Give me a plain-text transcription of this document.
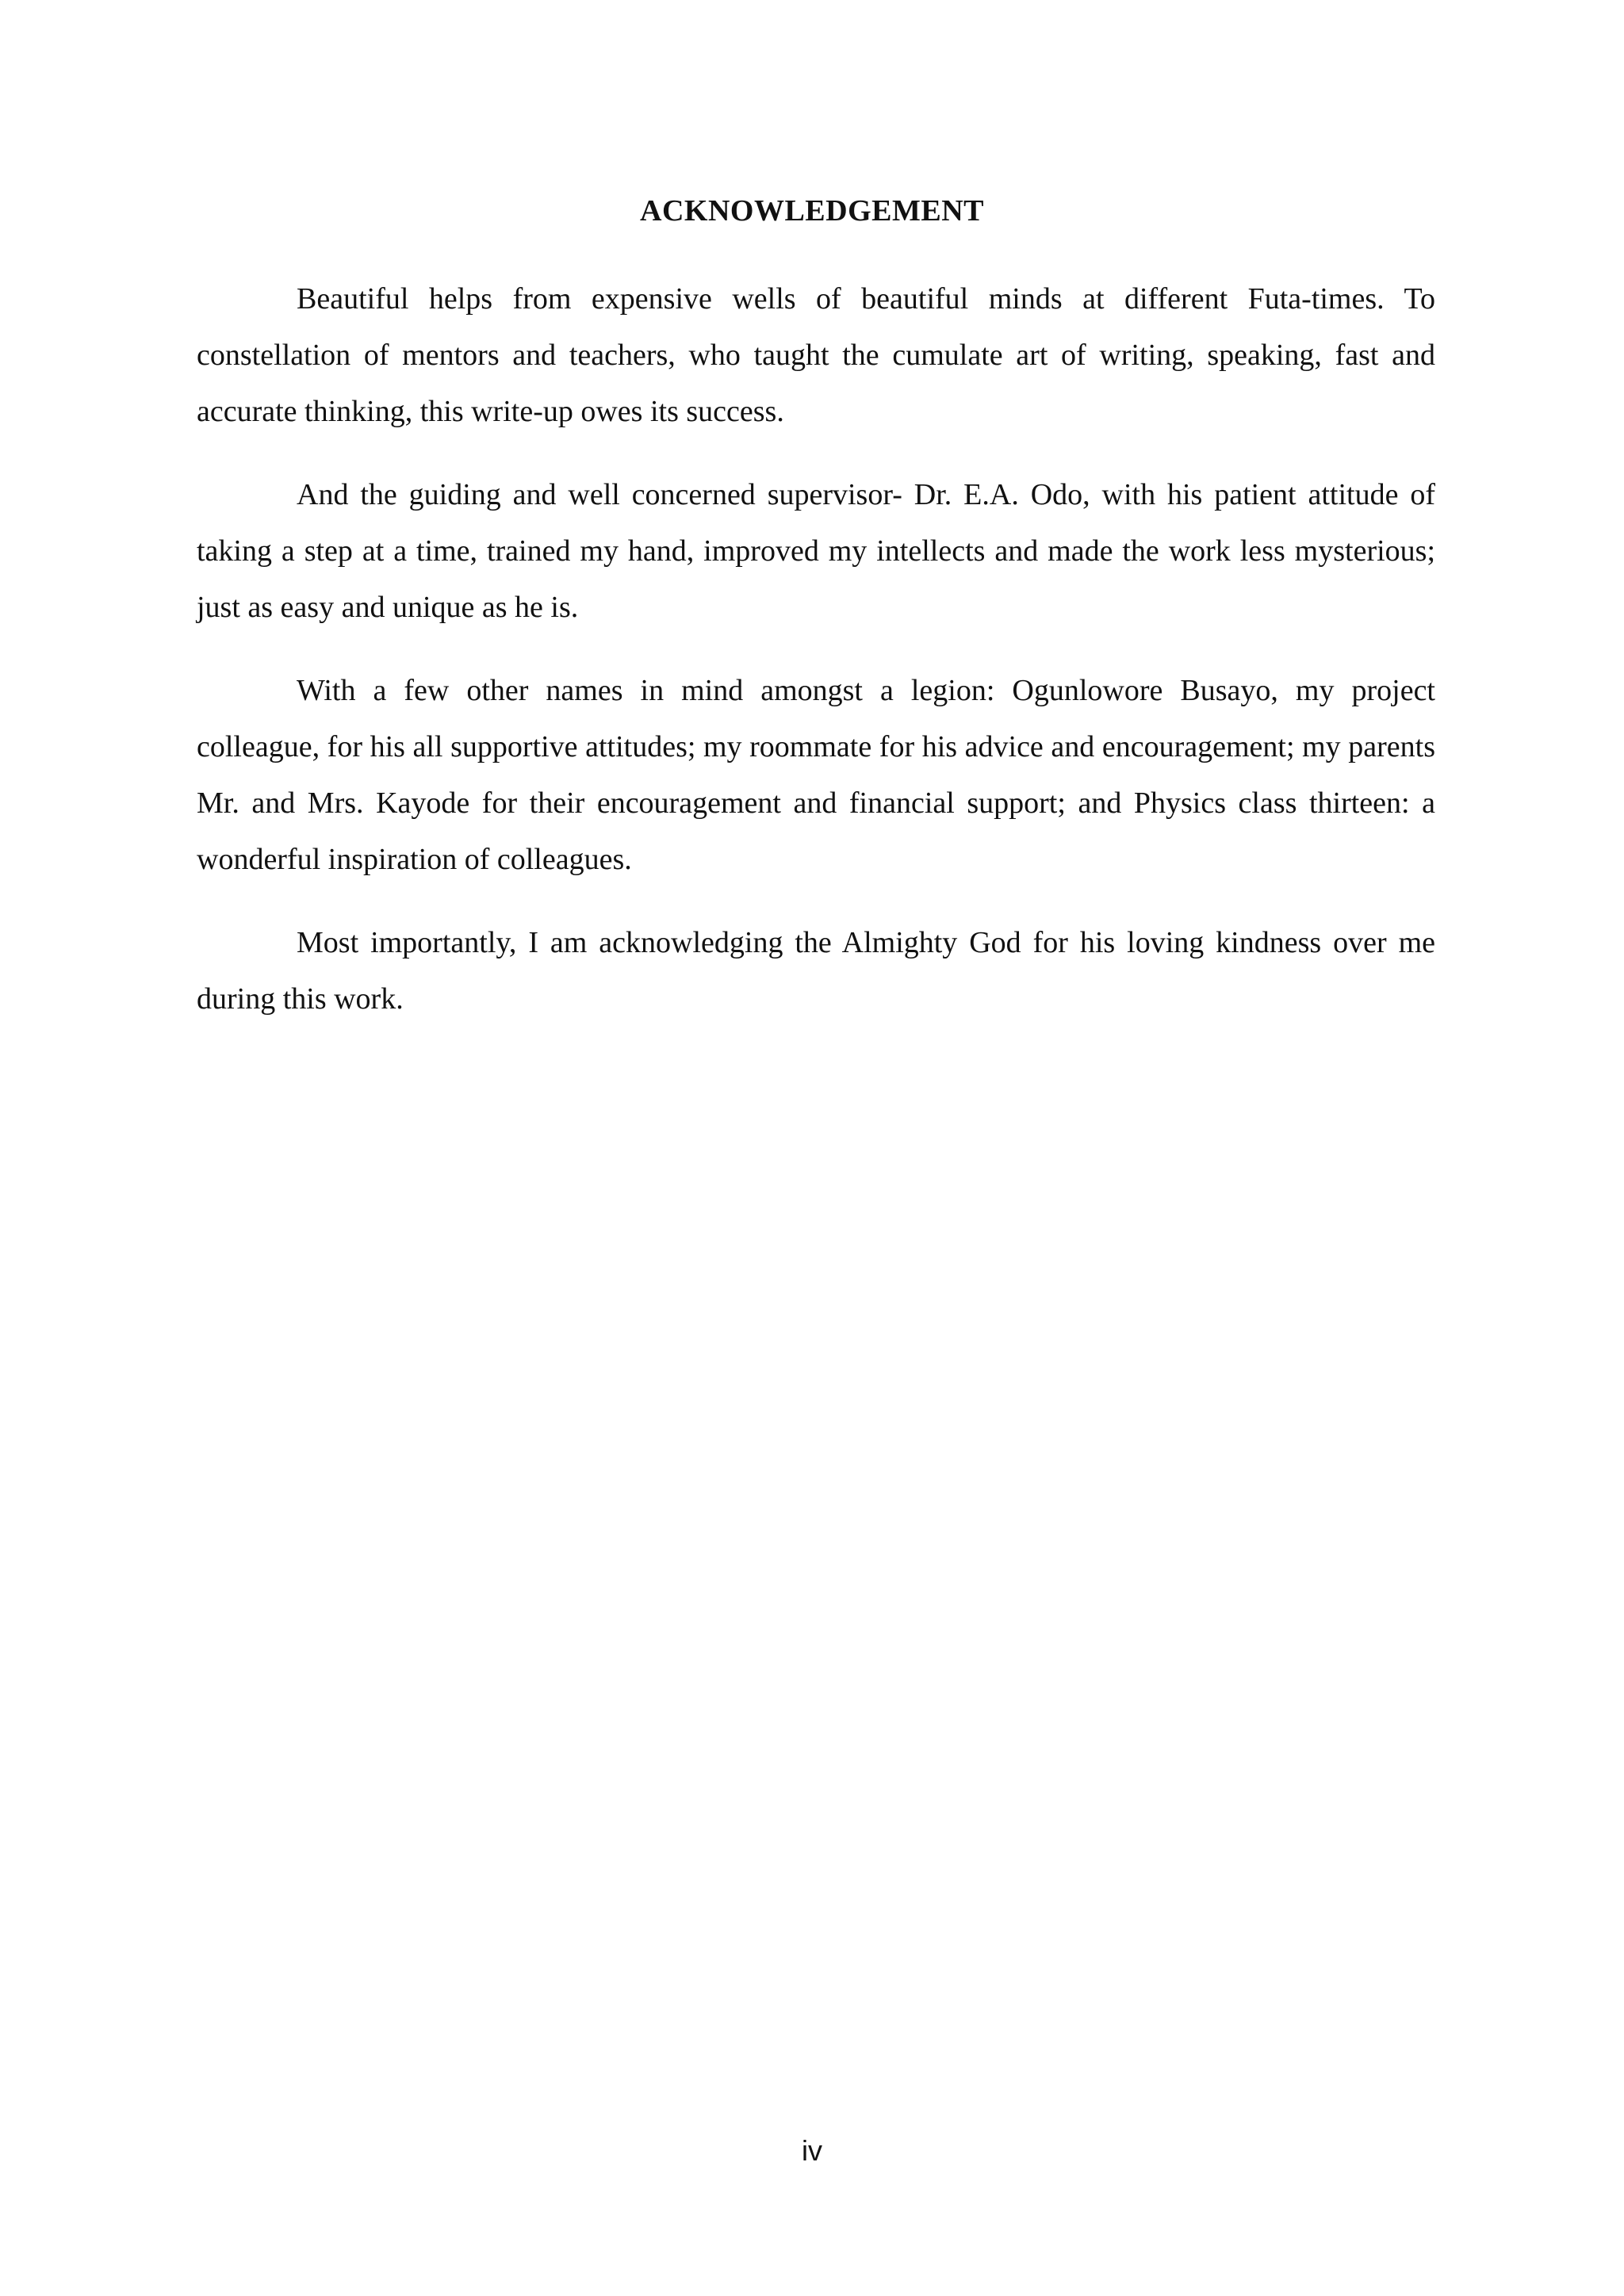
ACKNOWLEDGEMENT

Beautiful helps from expensive wells of beautiful minds at different Futa-times. To constellation of mentors and teachers, who taught the cumulate art of writing, speaking, fast and accurate thinking, this write-up owes its success.

And the guiding and well concerned supervisor- Dr. E.A. Odo, with his patient attitude of taking a step at a time, trained my hand, improved my intellects and made the work less mysterious; just as easy and unique as he is.

With a few other names in mind amongst a legion: Ogunlowore Busayo, my project colleague, for his all supportive attitudes; my roommate for his advice and encouragement; my parents Mr. and Mrs. Kayode for their encouragement and financial support; and Physics class thirteen: a wonderful inspiration of colleagues.

Most importantly, I am acknowledging the Almighty God for his loving kindness over me during this work.

iv
